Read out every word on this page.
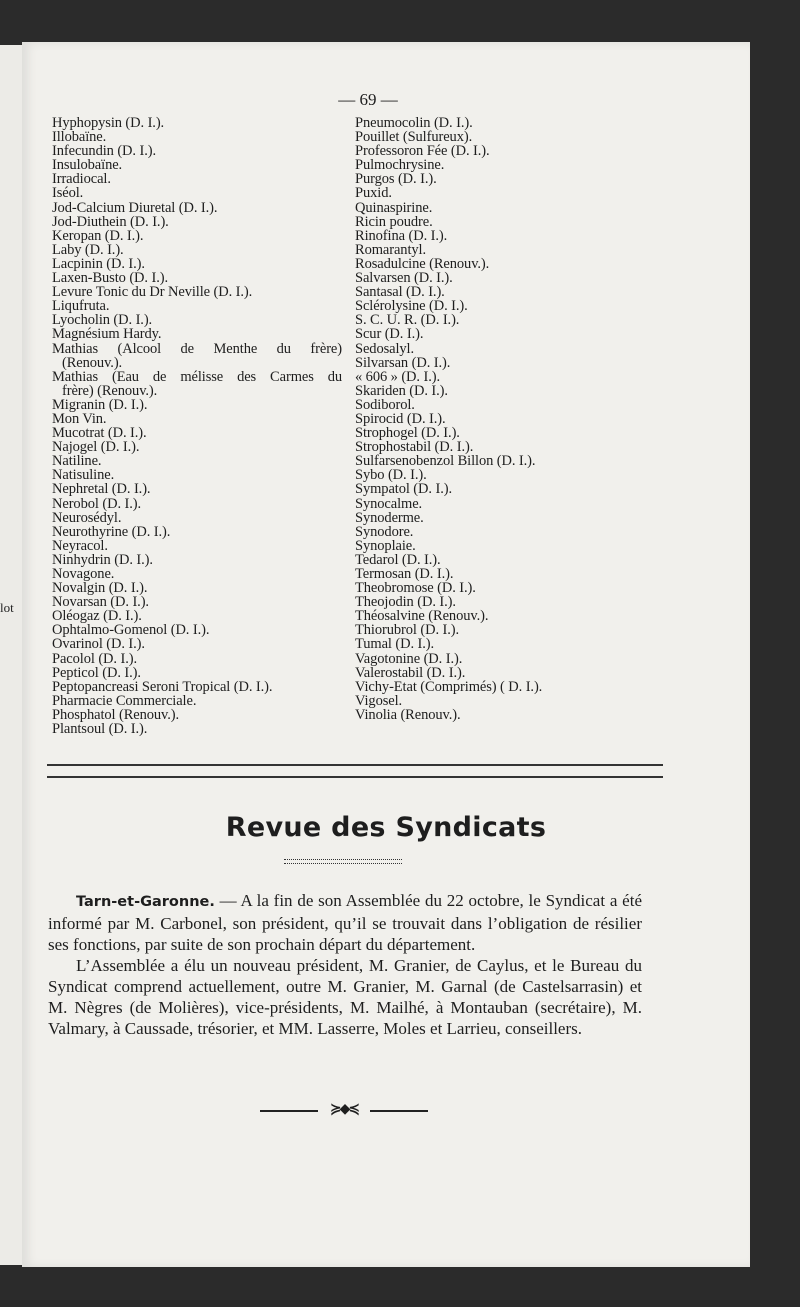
lot
— 69 —
Hyphopysin (D. I.).
Illobaïne.
Infecundin (D. I.).
Insulobaïne.
Irradiocal.
Iséol.
Jod-Calcium Diuretal (D. I.).
Jod-Diuthein (D. I.).
Keropan (D. I.).
Laby (D. I.).
Lacpinin (D. I.).
Laxen-Busto (D. I.).
Levure Tonic du Dr Neville (D. I.).
Liqufruta.
Lyocholin (D. I.).
Magnésium Hardy.
Mathias (Alcool de Menthe du frère)
(Renouv.).
Mathias (Eau de mélisse des Carmes du
frère) (Renouv.).
Migranin (D. I.).
Mon Vin.
Mucotrat (D. I.).
Najogel (D. I.).
Natiline.
Natisuline.
Nephretal (D. I.).
Nerobol (D. I.).
Neurosédyl.
Neurothyrine (D. I.).
Neyracol.
Ninhydrin (D. I.).
Novagone.
Novalgin (D. I.).
Novarsan (D. I.).
Oléogaz (D. I.).
Ophtalmo-Gomenol (D. I.).
Ovarinol (D. I.).
Pacolol (D. I.).
Pepticol (D. I.).
Peptopancreasi Seroni Tropical (D. I.).
Pharmacie Commerciale.
Phosphatol (Renouv.).
Plantsoul (D. I.).
Pneumocolin (D. I.).
Pouillet (Sulfureux).
Professoron Fée (D. I.).
Pulmochrysine.
Purgos (D. I.).
Puxid.
Quinaspirine.
Ricin poudre.
Rinofina (D. I.).
Romarantyl.
Rosadulcine (Renouv.).
Salvarsen (D. I.).
Santasal (D. I.).
Sclérolysine (D. I.).
S. C. U. R. (D. I.).
Scur (D. I.).
Sedosalyl.
Silvarsan (D. I.).
« 606 » (D. I.).
Skariden (D. I.).
Sodiborol.
Spirocid (D. I.).
Strophogel (D. I.).
Strophostabil (D. I.).
Sulfarsenobenzol Billon (D. I.).
Sybo (D. I.).
Sympatol (D. I.).
Synocalme.
Synoderme.
Synodore.
Synoplaie.
Tedarol (D. I.).
Termosan (D. I.).
Theobromose (D. I.).
Theojodin (D. I.).
Théosalvine (Renouv.).
Thiorubrol (D. I.).
Tumal (D. I.).
Vagotonine (D. I.).
Valerostabil (D. I.).
Vichy-Etat (Comprimés) ( D. I.).
Vigosel.
Vinolia (Renouv.).
Revue des Syndicats

Tarn-et-Garonne. — A la fin de son Assemblée du 22 octobre, le Syndicat a été informé par M. Carbonel, son président, qu’il se trouvait dans l’obligation de résilier ses fonctions, par suite de son prochain départ du département.

L’Assemblée a élu un nouveau président, M. Granier, de Caylus, et le Bureau du Syndicat comprend actuellement, outre M. Granier, M. Garnal (de Castelsarrasin) et M. Nègres (de Molières), vice-présidents, M. Mailhé, à Montauban (secrétaire), M. Valmary, à Caussade, trésorier, et MM. Lasserre, Moles et Larrieu, conseillers.

≽◆≼
